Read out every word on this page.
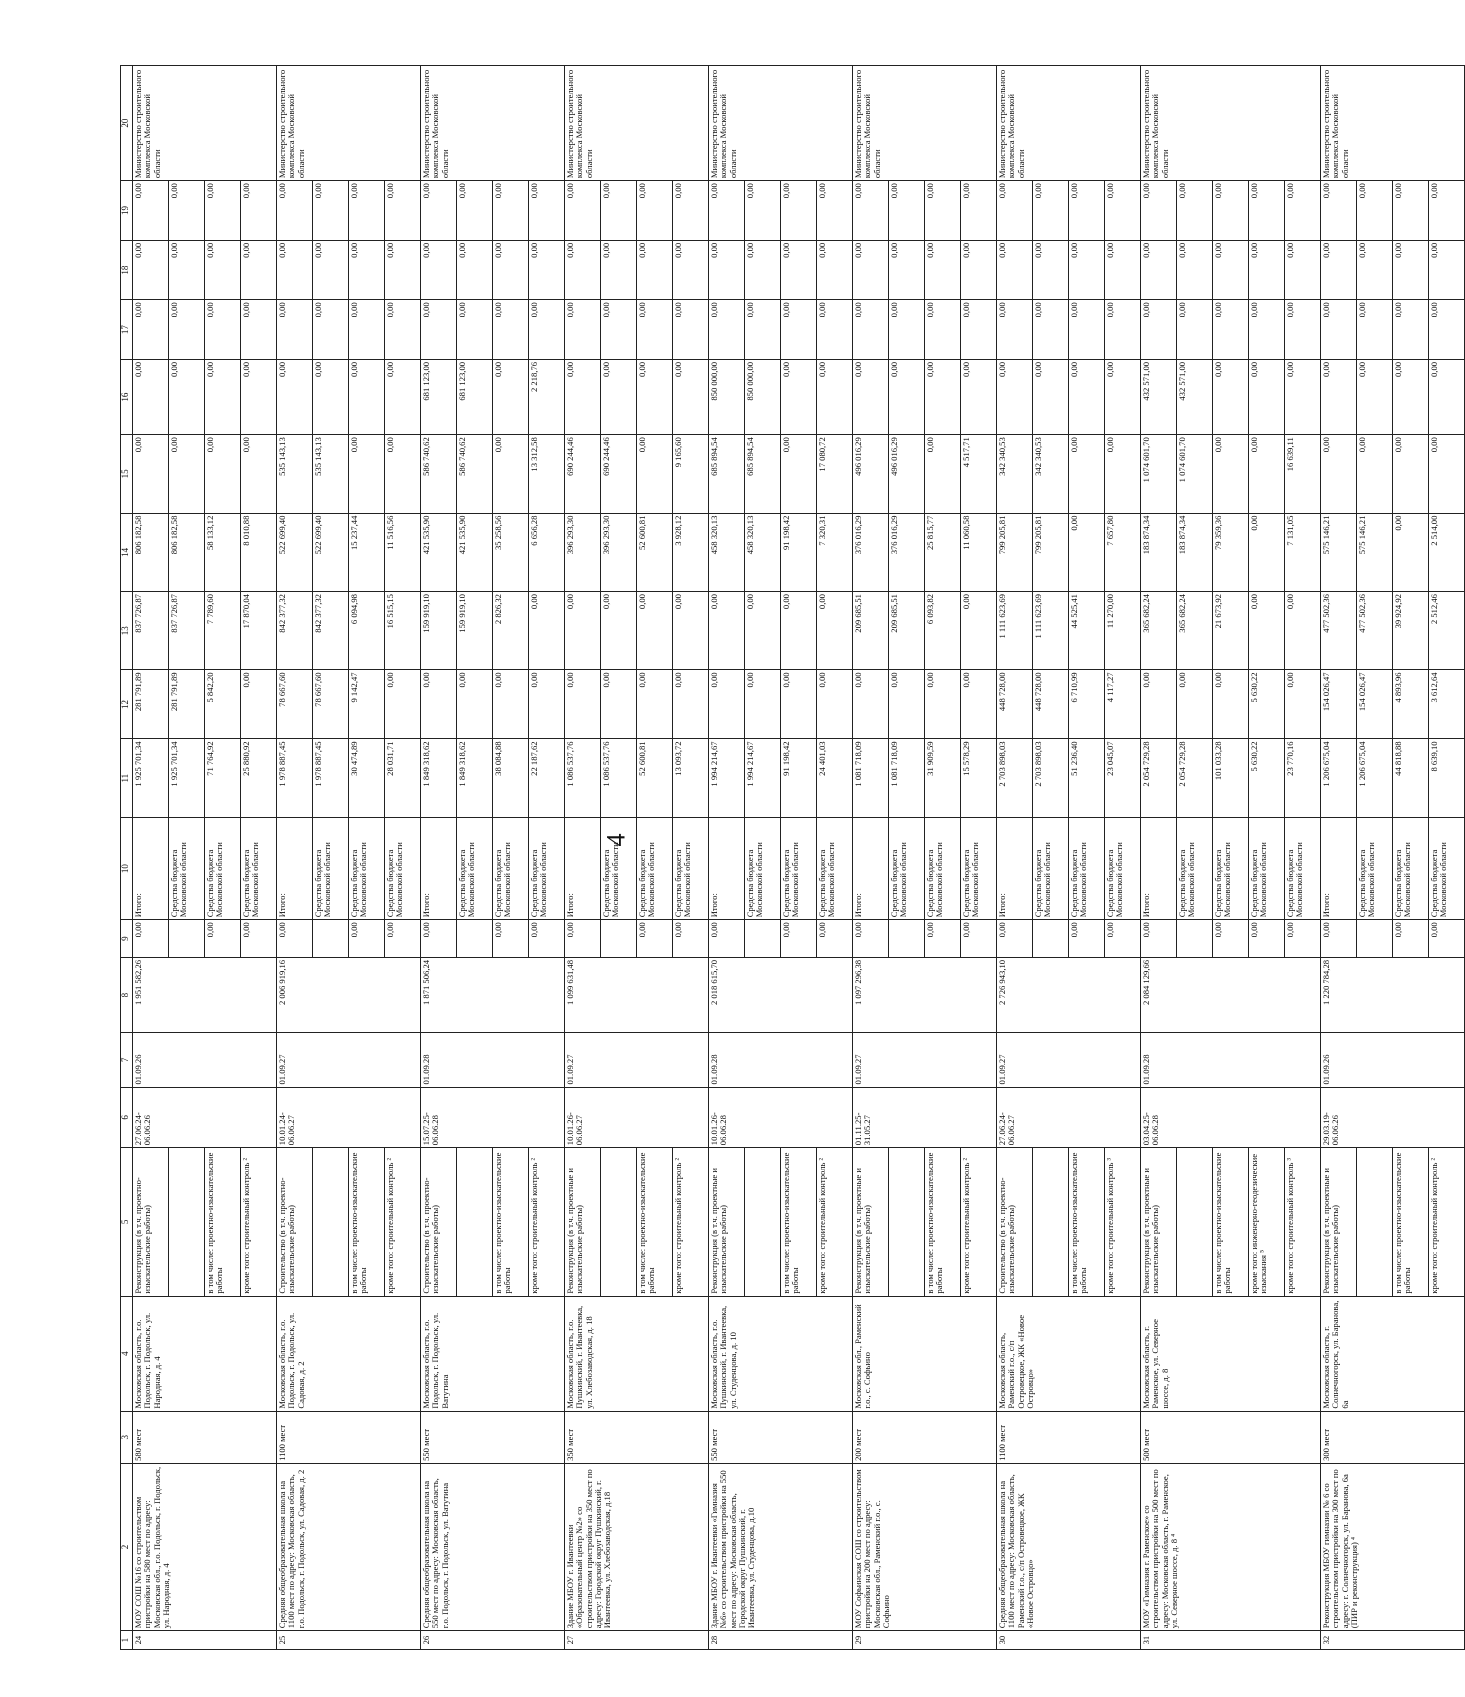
4
1	2	3	4	5	6	7	8	9	10	11	12	13	14	15	16	17	18	19	20
24	МОУ СОШ №16 со строительством пристройки на 580 мест по адресу: Московская обл., г.о. Подольск, г. Подольск, ул. Народная, д. 4	580 мест	Московская область, г.о. Подольск, г. Подольск, ул. Народная, д. 4	Реконструкция (в т.ч. проектно-изыскательские работы)	27.06.24-06.06.26	01.09.26	1 951 582,26	0,00	Итого:	1 925 701,34	281 791,89	837 726,87	806 182,58	0,00	0,00	0,00	0,00	0,00	Министерство строительного комплекса Московской области
									Средства бюджета Московской области	1 925 701,34	281 791,89	837 726,87	806 182,58	0,00	0,00	0,00	0,00	0,00	
				в том числе: проектно-изыскательские работы				0,00	Средства бюджета Московской области	71 764,92	5 842,20	7 789,60	58 133,12	0,00	0,00	0,00	0,00	0,00	
				кроме того: строительный контроль ²				0,00	Средства бюджета Московской области	25 880,92	0,00	17 870,04	8 010,88	0,00	0,00	0,00	0,00	0,00	
25	Средняя общеобразовательная школа на 1100 мест по адресу: Московская область, г.о. Подольск, г. Подольск, ул. Садовая, д. 2	1100 мест	Московская область, г.о. Подольск, г. Подольск, ул. Садовая, д. 2	Строительство (в т.ч. проектно-изыскательские работы)	10.01.24-06.06.27	01.09.27	2 006 919,16	0,00	Итого:	1 978 887,45	78 667,60	842 377,32	522 699,40	535 143,13	0,00	0,00	0,00	0,00	Министерство строительного комплекса Московской области
									Средства бюджета Московской области	1 978 887,45	78 667,60	842 377,32	522 699,40	535 143,13	0,00	0,00	0,00	0,00	
				в том числе: проектно-изыскательские работы				0,00	Средства бюджета Московской области	30 474,89	9 142,47	6 094,98	15 237,44	0,00	0,00	0,00	0,00	0,00	
				кроме того: строительный контроль ²				0,00	Средства бюджета Московской области	28 031,71	0,00	16 515,15	11 516,56	0,00	0,00	0,00	0,00	0,00	
26	Средняя общеобразовательная школа на 550 мест по адресу: Московская область, г.о. Подольск, г. Подольск, ул. Ватутина	550 мест	Московская область, г.о. Подольск, г. Подольск, ул. Ватутина	Строительство (в т.ч. проектно-изыскательские работы)	15.07.25-06.06.28	01.09.28	1 871 506,24	0,00	Итого:	1 849 318,62	0,00	159 919,10	421 535,90	586 740,62	681 123,00	0,00	0,00	0,00	Министерство строительного комплекса Московской области
									Средства бюджета Московской области	1 849 318,62	0,00	159 919,10	421 535,90	586 740,62	681 123,00	0,00	0,00	0,00	
				в том числе: проектно-изыскательские работы				0,00	Средства бюджета Московской области	38 084,88	0,00	2 826,32	35 258,56	0,00	0,00	0,00	0,00	0,00	
				кроме того: строительный контроль ²				0,00	Средства бюджета Московской области	22 187,62	0,00	0,00	6 656,28	13 312,58	2 218,76	0,00	0,00	0,00	
27	Здание МБОУ г. Ивантеевки «Образовательный центр №2» со строительством пристройки на 350 мест по адресу: Городской округ Пушкинский, г. Ивантеевка, ул. Хлебозаводская, д.18	350 мест	Московская область, г.о. Пушкинский, г. Ивантеевка, ул. Хлебозаводская, д. 18	Реконструкция (в т.ч. проектные и изыскательские работы)	10.01.26-06.06.27	01.09.27	1 099 631,48	0,00	Итого:	1 086 537,76	0,00	0,00	396 293,30	690 244,46	0,00	0,00	0,00	0,00	Министерство строительного комплекса Московской области
									Средства бюджета Московской области	1 086 537,76	0,00	0,00	396 293,30	690 244,46	0,00	0,00	0,00	0,00	
				в том числе: проектно-изыскательские работы				0,00	Средства бюджета Московской области	52 600,81	0,00	0,00	52 600,81	0,00	0,00	0,00	0,00	0,00	
				кроме того: строительный контроль ²				0,00	Средства бюджета Московской области	13 093,72	0,00	0,00	3 928,12	9 165,60	0,00	0,00	0,00	0,00	
28	Здание МБОУ г. Ивантеевки «Гимназия №6» со строительством пристройки на 550 мест по адресу: Московская область, Городской округ Пушкинский, г. Ивантеевка, ул. Студенцова, д.10	550 мест	Московская область, г.о. Пушкинский, г. Ивантеевка, ул. Студенцова, д. 10	Реконструкция (в т.ч. проектные и изыскательские работы)	10.01.26-06.06.28	01.09.28	2 018 615,70	0,00	Итого:	1 994 214,67	0,00	0,00	458 320,13	685 894,54	850 000,00	0,00	0,00	0,00	Министерство строительного комплекса Московской области
									Средства бюджета Московской области	1 994 214,67	0,00	0,00	458 320,13	685 894,54	850 000,00	0,00	0,00	0,00	
				в том числе: проектно-изыскательские работы				0,00	Средства бюджета Московской области	91 198,42	0,00	0,00	91 198,42	0,00	0,00	0,00	0,00	0,00	
				кроме того: строительный контроль ²				0,00	Средства бюджета Московской области	24 401,03	0,00	0,00	7 320,31	17 080,72	0,00	0,00	0,00	0,00	
29	МОУ Софьинская СОШ со строительством пристройки на 200 мест по адресу: Московская обл., Раменский г.о., с. Софьино	200 мест	Московская обл., Раменский г.о., с. Софьино	Реконструкция (в т.ч. проектные и изыскательские работы)	01.11.25-31.05.27	01.09.27	1 097 296,38	0,00	Итого:	1 081 718,09	0,00	209 685,51	376 016,29	496 016,29	0,00	0,00	0,00	0,00	Министерство строительного комплекса Московской области
									Средства бюджета Московской области	1 081 718,09	0,00	209 685,51	376 016,29	496 016,29	0,00	0,00	0,00	0,00	
				в том числе: проектно-изыскательские работы				0,00	Средства бюджета Московской области	31 909,59	0,00	6 093,82	25 815,77	0,00	0,00	0,00	0,00	0,00	
				кроме того: строительный контроль ²				0,00	Средства бюджета Московской области	15 578,29	0,00	0,00	11 060,58	4 517,71	0,00	0,00	0,00	0,00	
30	Средняя общеобразовательная школа на 1100 мест по адресу: Московская область, Раменский г.о., с/п Островецкое, ЖК «Новое Островцо»	1100 мест	Московская область, Раменский г.о., с/п Островецкое, ЖК «Новое Островцо»	Строительство (в т.ч. проектно-изыскательские работы)	27.06.24-06.06.27	01.09.27	2 726 943,10	0,00	Итого:	2 703 898,03	448 728,00	1 111 623,69	799 205,81	342 340,53	0,00	0,00	0,00	0,00	Министерство строительного комплекса Московской области
									Средства бюджета Московской области	2 703 898,03	448 728,00	1 111 623,69	799 205,81	342 340,53	0,00	0,00	0,00	0,00	
				в том числе: проектно-изыскательские работы				0,00	Средства бюджета Московской области	51 236,40	6 710,99	44 525,41	0,00	0,00	0,00	0,00	0,00	0,00	
				кроме того: строительный контроль ³				0,00	Средства бюджета Московской области	23 045,07	4 117,27	11 270,00	7 657,80	0,00	0,00	0,00	0,00	0,00	
31	МОУ «Гимназия г. Раменское» со строительством пристройки на 500 мест по адресу: Московская область, г. Раменское, ул. Северное шоссе, д. 8 ⁴	500 мест	Московская область, г. Раменское, ул. Северное шоссе, д. 8	Реконструкция (в т.ч. проектные и изыскательские работы)	03.04.25-06.06.28	01.09.28	2 084 129,66	0,00	Итого:	2 054 729,28	0,00	365 682,24	183 874,34	1 074 601,70	432 571,00	0,00	0,00	0,00	Министерство строительного комплекса Московской области
									Средства бюджета Московской области	2 054 729,28	0,00	365 682,24	183 874,34	1 074 601,70	432 571,00	0,00	0,00	0,00	
				в том числе: проектно-изыскательские работы				0,00	Средства бюджета Московской области	101 033,28	0,00	21 673,92	79 359,36	0,00	0,00	0,00	0,00	0,00	
				кроме того: инженерно-геодезические изыскания ⁵				0,00	Средства бюджета Московской области	5 630,22	5 630,22	0,00	0,00	0,00	0,00	0,00	0,00	0,00	
				кроме того: строительный контроль ³				0,00	Средства бюджета Московской области	23 770,16	0,00	0,00	7 131,05	16 639,11	0,00	0,00	0,00	0,00	
32	Реконструкция МБОУ гимназии № 6 со строительством пристройки на 300 мест по адресу: г. Солнечногорск, ул. Баранова, 6а (ПИР и реконструкция) ⁴	300 мест	Московская область, г. Солнечногорск, ул. Баранова, 6а	Реконструкция (в т.ч. проектные и изыскательские работы)	29.03.19-06.06.26	01.09.26	1 220 784,28	0,00	Итого:	1 206 675,04	154 026,47	477 502,36	575 146,21	0,00	0,00	0,00	0,00	0,00	Министерство строительного комплекса Московской области
									Средства бюджета Московской области	1 206 675,04	154 026,47	477 502,36	575 146,21	0,00	0,00	0,00	0,00	0,00	
				в том числе: проектно-изыскательские работы				0,00	Средства бюджета Московской области	44 818,88	4 893,96	39 924,92	0,00	0,00	0,00	0,00	0,00	0,00	
				кроме того: строительный контроль ²				0,00	Средства бюджета Московской области	8 639,10	3 612,64	2 512,46	2 514,00	0,00	0,00	0,00	0,00	0,00	
